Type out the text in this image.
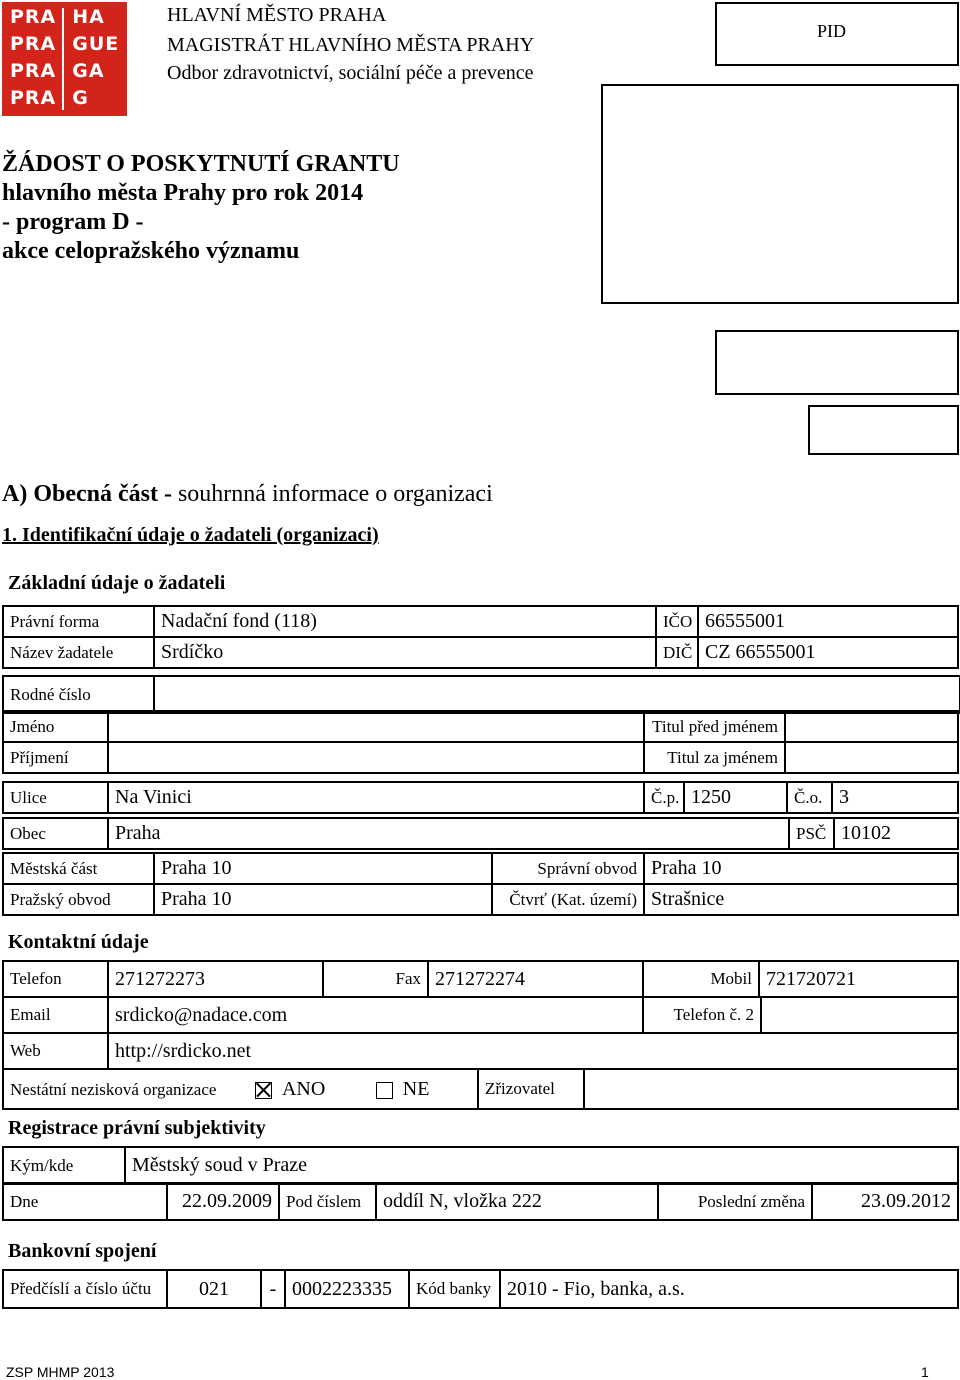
PRA HA
PRA GUE
PRA GA
PRA G
HLAVNÍ MĚSTO PRAHA
MAGISTRÁT HLAVNÍHO MĚSTA PRAHY
Odbor zdravotnictví, sociální péče a prevence
PID
ŽÁDOST O POSKYTNUTÍ GRANTU
hlavního města Prahy pro rok 2014
- program D -
akce celopražského významu
A) Obecná část - souhrnná informace o organizaci
1. Identifikační údaje o žadateli (organizaci)
Základní údaje o žadateli
Právní forma	Nadační fond (118)	IČO	66555001
Název žadatele	Srdíčko	DIČ	CZ 66555001
Rodné číslo	
Jméno		Titul před jménem	
Příjmení		Titul za jménem	
Ulice	Na Vinici	Č.p.	1250	Č.o.	3
Obec	Praha	PSČ	10102
Městská část	Praha 10	Správní obvod	Praha 10
Pražský obvod	Praha 10	Čtvrť (Kat. území)	Strašnice
Kontaktní údaje
Telefon	271272273	Fax	271272274	Mobil	721720721
Email	srdicko@nadace.com	Telefon č. 2	
Web	http://srdicko.net
Nestátní nezisková organizace	ANO	NE	Zřizovatel	
Registrace právní subjektivity
Kým/kde	Městský soud v Praze
Dne	22.09.2009	Pod číslem	oddíl N, vložka 222	Poslední změna	23.09.2012
Bankovní spojení
Předčíslí a číslo účtu	021	-	0002223335	Kód banky	2010 - Fio, banka, a.s.
ZSP MHMP 2013	1
